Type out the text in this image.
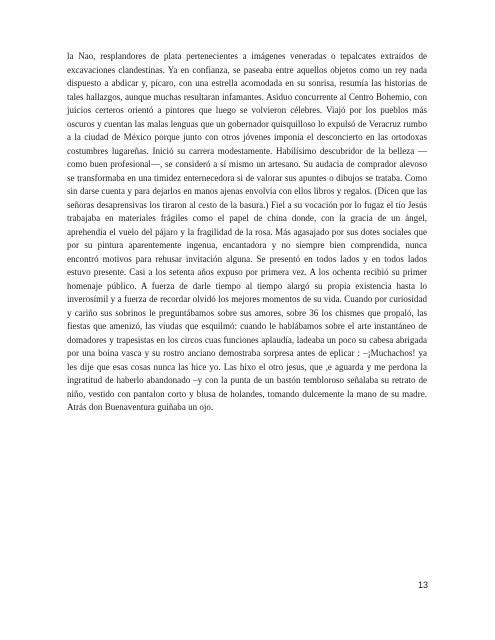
la Nao, resplandores de plata pertenecientes a imágenes veneradas o tepalcates extraídos de excavaciones clandestinas. Ya en confianza, se paseaba entre aquellos objetos como un rey nada dispuesto a abdicar y, pícaro, con una estrella acomodada en su sonrisa, resumía las historias de tales hallazgos, aunque muchas resultaran infamantes. Asiduo concurrente al Centro Bohemio, con juicios certeros orientó a pintores que luego se volvieron célebres. Viajó por los pueblos más oscuros y cuentan las malas lenguas que un gobernador quisquilloso lo expulsó de Veracruz rumbo a la ciudad de México porque junto con otros jóvenes imponía el desconcierto en las ortodoxas costumbres lugareñas. Inició su carrera modestamente. Habilísimo descubridor de la belleza —como buen profesional—, se consideró a sí mismo un artesano. Su audacia de comprador alevoso se transformaba en una timidez enternecedora si de valorar sus apuntes o dibujos se trataba. Como sin darse cuenta y para dejarlos en manos ajenas envolvía con ellos libros y regalos. (Dicen que las señoras desaprensivas los tiraron al cesto de la basura.) Fiel a su vocación por lo fugaz el tío Jesús trabajaba en materiales frágiles como el papel de china donde, con la gracia de un ángel, aprehendía el vuelo del pájaro y la fragilidad de la rosa. Más agasajado por sus dotes sociales que por su pintura aparentemente ingenua, encantadora y no siempre bien comprendida, nunca encontró motivos para rehusar invitación alguna. Se presentó en todos lados y en todos lados estuvo presente. Casi a los setenta años expuso por primera vez. A los ochenta recibió su primer homenaje público. A fuerza de darle tiempo al tiempo alargó su propia existencia hasta lo inverosímil y a fuerza de recordar olvidó los mejores momentos de su vida. Cuando por curiosidad y cariño sus sobrinos le preguntábamos sobre sus amores, sobre 36 los chismes que propaló, las fiestas que amenizó, las viudas que esquilmó: cuando le hablábamos sobre el arte instantáneo de domadores y trapesistas en los circos cuas funciones aplaudía, ladeaba un poco su cabesa abrigada por una boina vasca y su rostro anciano demostraba sorpresa antes de eplicar : –¡Muchachos! ya les dije que esas cosas nunca las hice yo. Las hixo el otro jesus, que ,e aguarda y me perdona la ingratitud de haberlo abandonado –y con la punta de un bastón tembloroso señalaba su retrato de niño, vestido con pantalon corto y blusa de holandes, tomando dulcemente la mano de su madre. Atrás don Buenaventura guiñaba un ojo.

13
